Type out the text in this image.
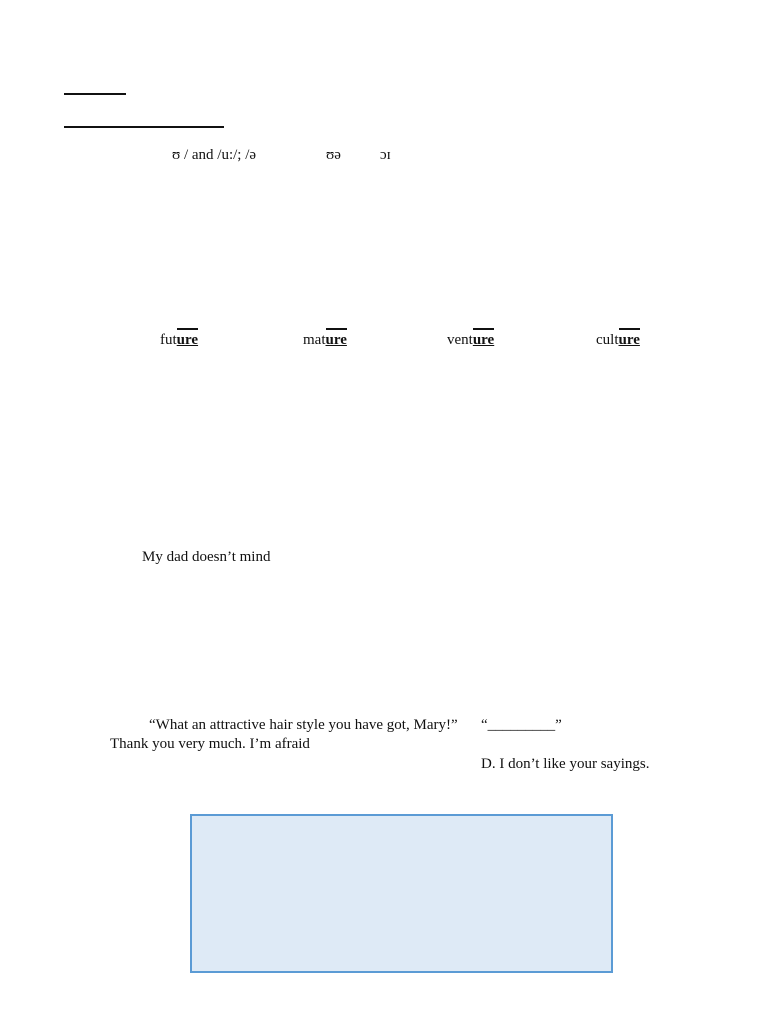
ʊ / and /u:/; /ə	ʊə	ɔɪ
fut
ure	mat
ure	vent
ure	cult
ure
My dad doesn’t mind
“What an attractive hair style you have got, Mary!” “_________”
Thank you very much. I’m afraid
D. I don’t like your sayings.
